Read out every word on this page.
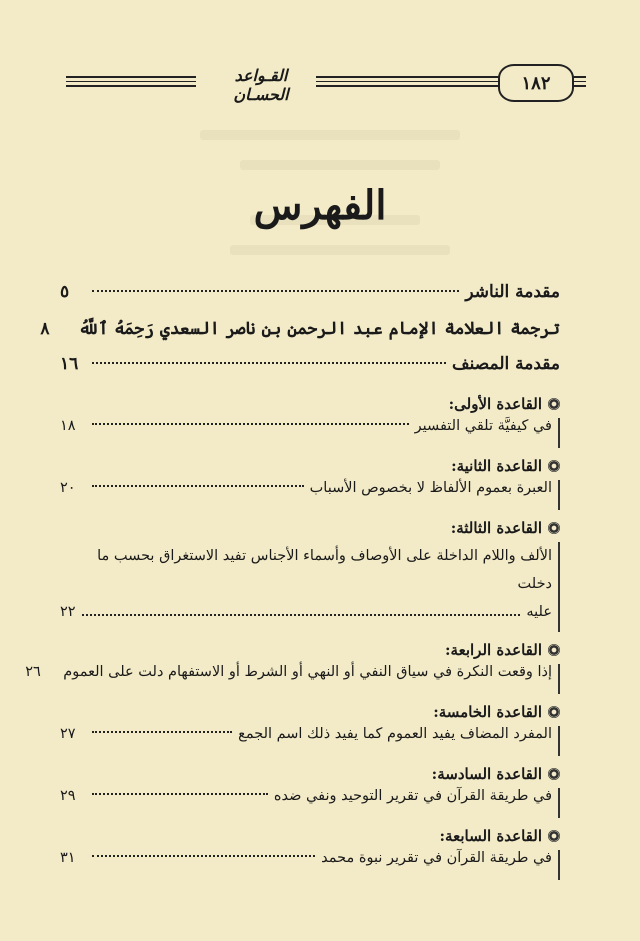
القـواعد الحسـان
١٨٢
الفهرس
مقدمة الناشر
٥
ترجمة العلامة الإمام عبد الرحمن بن ناصر السعدي رَحِمَهُ ٱللَّهُ
٨
مقدمة المصنف
١٦
القاعدة الأولى:
في كيفيَّة تلقي التفسير
١٨
القاعدة الثانية:
العبرة بعموم الألفاظ لا بخصوص الأسباب
٢٠
القاعدة الثالثة:
الألف واللام الداخلة على الأوصاف وأسماء الأجناس تفيد الاستغراق بحسب ما دخلت
عليه
٢٢
القاعدة الرابعة:
إذا وقعت النكرة في سياق النفي أو النهي أو الشرط أو الاستفهام دلت على العموم
٢٦
القاعدة الخامسة:
المفرد المضاف يفيد العموم كما يفيد ذلك اسم الجمع
٢٧
القاعدة السادسة:
في طريقة القرآن في تقرير التوحيد ونفي ضده
٢٩
القاعدة السابعة:
في طريقة القرآن في تقرير نبوة محمد
٣١
